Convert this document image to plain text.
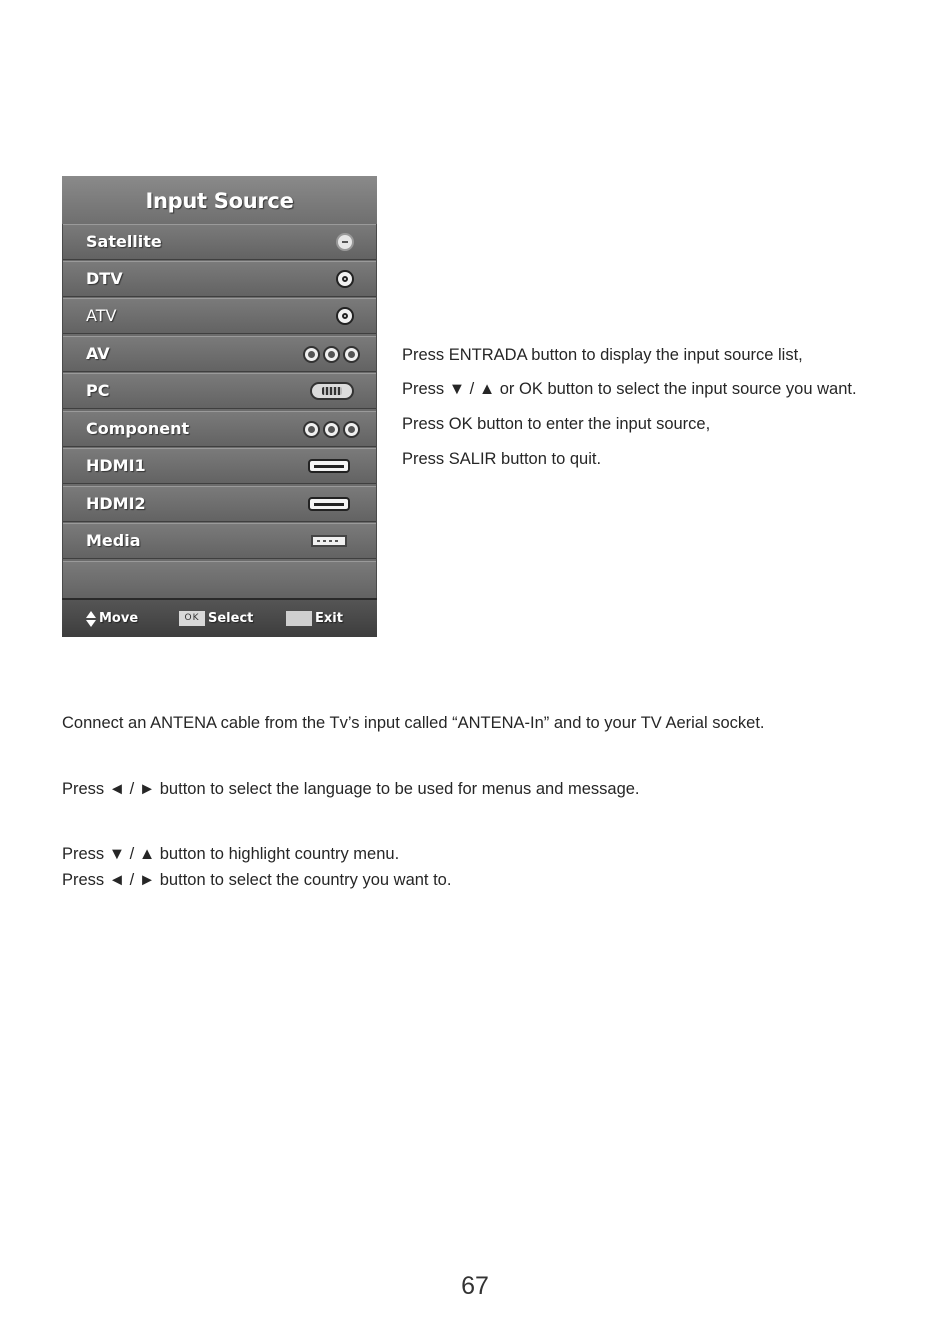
Input Source
Satellite
DTV
ATV
AV
PC
Component
HDMI1
HDMI2
Media
Move	OK Select	Exit
Press ENTRADA button to display the input source list,
Press ▼ / ▲ or OK button to select the input source you want.
Press OK button to enter the input source,
Press SALIR button to quit.
Connect an ANTENA cable from the Tv’s input called “ANTENA-In” and to your TV Aerial socket.
Press ◄ / ► button to select the language to be used for menus and message.
Press ▼ / ▲ button to highlight country menu.
Press ◄ / ► button to select the country you want to.
67
